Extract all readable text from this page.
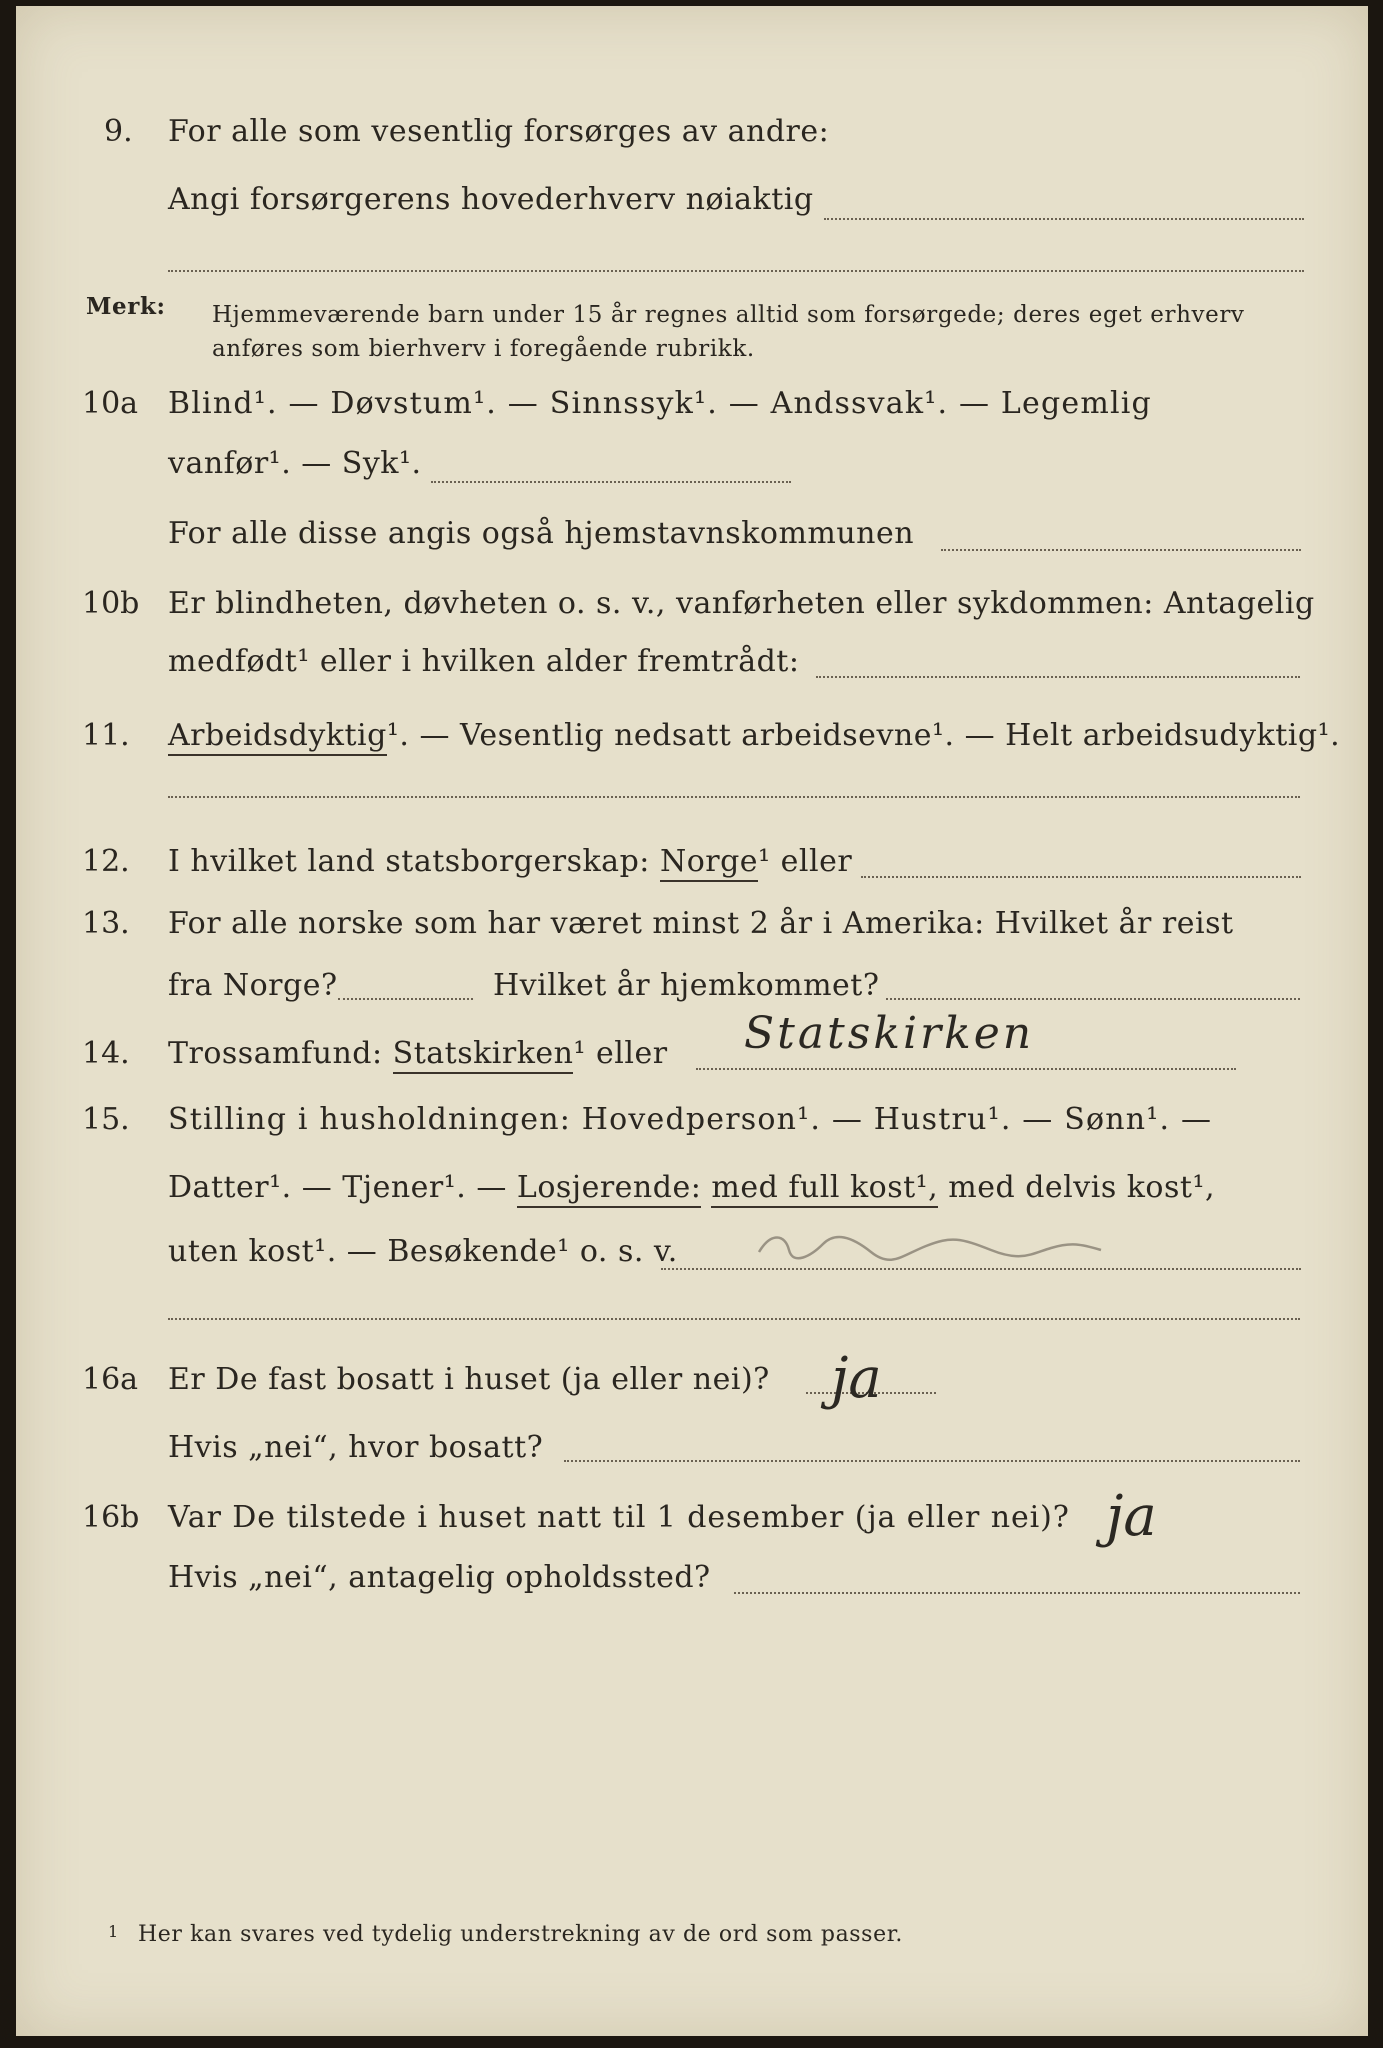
9. For alle som vesentlig forsørges av andre:
Angi forsørgerens hovederhverv nøiaktig
Merk: Hjemmeværende barn under 15 år regnes alltid som forsørgede; deres eget erhverv
anføres som bierhverv i foregående rubrikk.
10a Blind¹. — Døvstum¹. — Sinnssyk¹. — Andssvak¹. — Legemlig
vanfør¹. — Syk¹.
For alle disse angis også hjemstavnskommunen
10b Er blindheten, døvheten o. s. v., vanførheten eller sykdommen: Antagelig
medfødt¹ eller i hvilken alder fremtrådt:
11. Arbeidsdyktig¹. — Vesentlig nedsatt arbeidsevne¹. — Helt arbeidsudyktig¹.
12. I hvilket land statsborgerskap: Norge¹ eller
13. For alle norske som har været minst 2 år i Amerika: Hvilket år reist
fra Norge?	Hvilket år hjemkommet?
14. Trossamfund: Statskirken¹ eller Statskirken
15. Stilling i husholdningen: Hovedperson¹. — Hustru¹. — Sønn¹. —
Datter¹. — Tjener¹. — Losjerende: med full kost¹, med delvis kost¹,
uten kost¹. — Besøkende¹ o. s. v.
16a Er De fast bosatt i huset (ja eller nei)? ja
Hvis „nei“, hvor bosatt?
16b Var De tilstede i huset natt til 1 desember (ja eller nei)? ja
Hvis „nei“, antagelig opholdssted?
1 Her kan svares ved tydelig understrekning av de ord som passer.
